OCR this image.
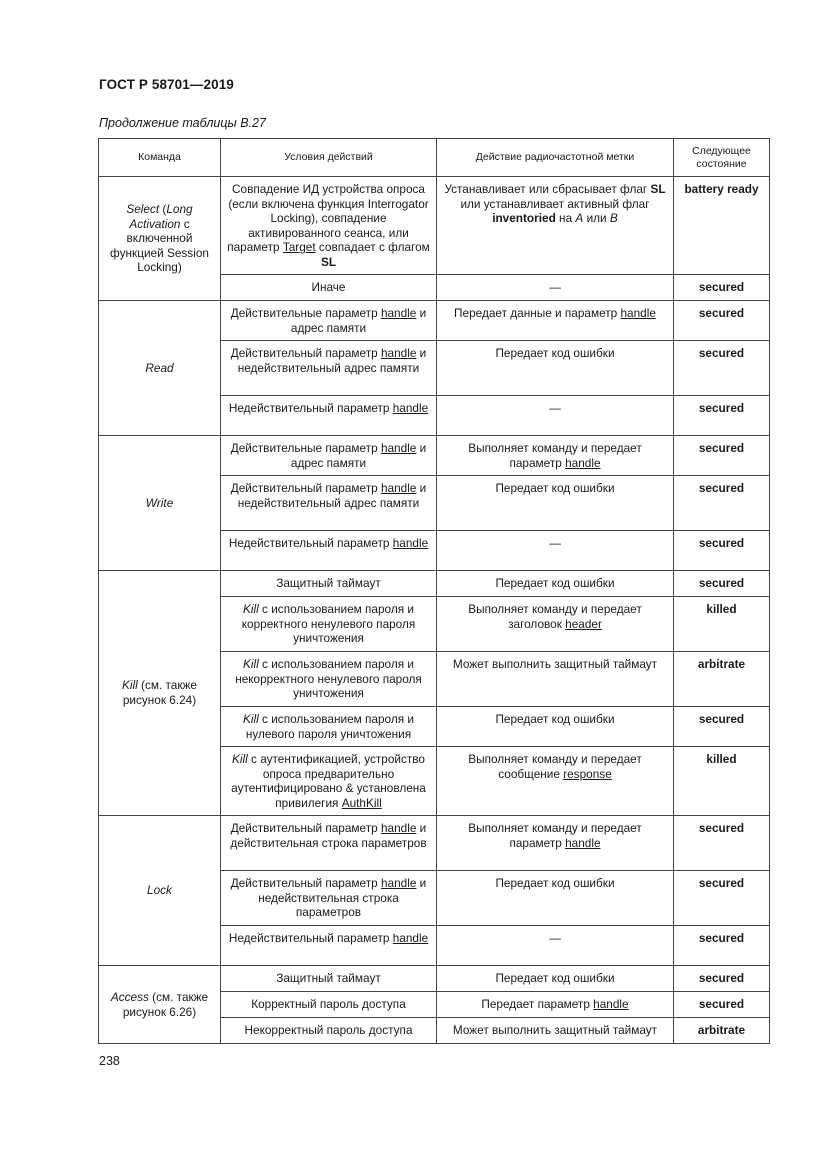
ГОСТ Р 58701—2019
Продолжение таблицы В.27
Команда	Условия действий	Действие радиочастотной метки	Следующее состояние
Select (Long Activation с включенной функцией Session Locking)	Совпадение ИД устройства опроса (если включена функция Interrogator Locking), совпадение активированного сеанса, или параметр Target совпадает с флагом SL	Устанавливает или сбрасывает флаг SL или устанавливает активный флаг inventoried на A или B	battery ready
	Иначе	—	secured
Read	Действительные параметр handle и адрес памяти	Передает данные и параметр handle	secured
	Действительный параметр handle и недействительный адрес памяти	Передает код ошибки	secured
	Недействительный параметр handle	—	secured
Write	Действительные параметр handle и адрес памяти	Выполняет команду и передает параметр handle	secured
	Действительный параметр handle и недействительный адрес памяти	Передает код ошибки	secured
	Недействительный параметр handle	—	secured
Kill (см. также рисунок 6.24)	Защитный таймаут	Передает код ошибки	secured
	Kill с использованием пароля и корректного ненулевого пароля уничтожения	Выполняет команду и передает заголовок header	killed
	Kill с использованием пароля и некорректного ненулевого пароля уничтожения	Может выполнить защитный таймаут	arbitrate
	Kill с использованием пароля и нулевого пароля уничтожения	Передает код ошибки	secured
	Kill с аутентификацией, устройство опроса предварительно аутентифицировано & установлена привилегия AuthKill	Выполняет команду и передает сообщение response	killed
Lock	Действительный параметр handle и действительная строка параметров	Выполняет команду и передает параметр handle	secured
	Действительный параметр handle и недействительная строка параметров	Передает код ошибки	secured
	Недействительный параметр handle	—	secured
Access (см. также рисунок 6.26)	Защитный таймаут	Передает код ошибки	secured
	Корректный пароль доступа	Передает параметр handle	secured
	Некорректный пароль доступа	Может выполнить защитный таймаут	arbitrate
238
